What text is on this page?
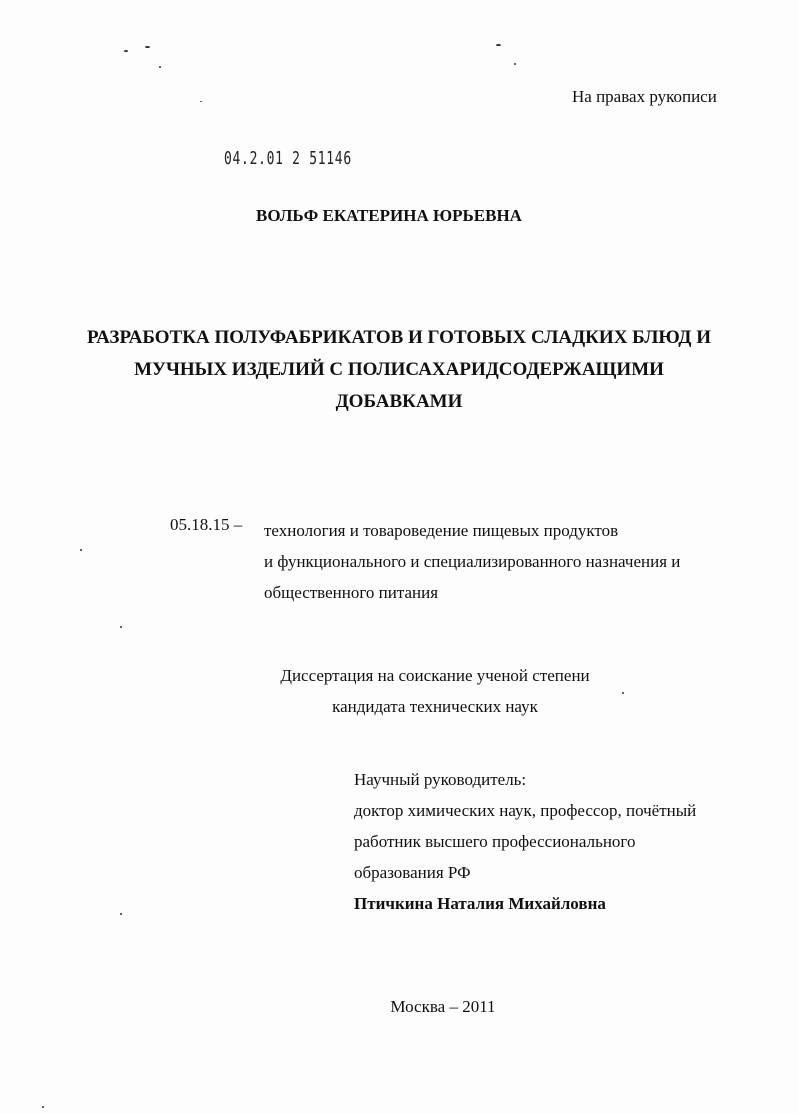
На правах рукописи
04.2.01 2 51146
ВОЛЬФ ЕКАТЕРИНА ЮРЬЕВНА
РАЗРАБОТКА ПОЛУФАБРИКАТОВ И ГОТОВЫХ СЛАДКИХ БЛЮД И
МУЧНЫХ ИЗДЕЛИЙ С ПОЛИСАХАРИДСОДЕРЖАЩИМИ
ДОБАВКАМИ
05.18.15 – технология и товароведение пищевых продуктов
и функционального и специализированного назначения и
общественного питания
Диссертация на соискание ученой степени
кандидата технических наук
Научный руководитель:
доктор химических наук, профессор, почётный
работник высшего профессионального
образования РФ
Птичкина Наталия Михайловна
Москва – 2011
